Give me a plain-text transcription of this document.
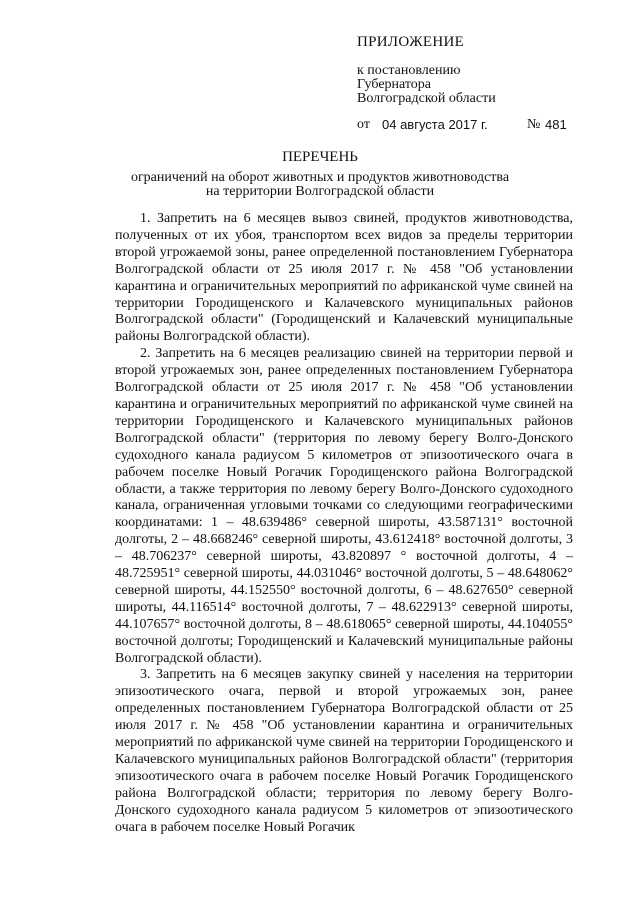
ПРИЛОЖЕНИЕ
к постановлению
Губернатора
Волгоградской области
от 04 августа 2017 г.	№ 481
ПЕРЕЧЕНЬ
ограничений на оборот животных и продуктов животноводства
на территории Волгоградской области

1. Запретить на 6 месяцев вывоз свиней, продуктов животноводства, полученных от их убоя, транспортом всех видов за пределы территории второй угрожаемой зоны, ранее определенной постановлением Губернатора Волгоградской области от 25 июля 2017 г. № 458 "Об установлении карантина и ограничительных мероприятий по африканской чуме свиней на территории Городищенского и Калачевского муниципальных районов Волгоградской области" (Городищенский и Калачевский муниципальные районы Волгоградской области).

2. Запретить на 6 месяцев реализацию свиней на территории первой и второй угрожаемых зон, ранее определенных постановлением Губернатора Волгоградской области от 25 июля 2017 г. № 458 "Об установлении карантина и ограничительных мероприятий по африканской чуме свиней на территории Городищенского и Калачевского муниципальных районов Волгоградской области" (территория по левому берегу Волго-Донского судоходного канала радиусом 5 километров от эпизоотического очага в рабочем поселке Новый Рогачик Городищенского района Волгоградской области, а также территория по левому берегу Волго-Донского судоходного канала, ограниченная угловыми точками со следующими географическими координатами: 1 – 48.639486° северной широты, 43.587131° восточной долготы, 2 – 48.668246° северной широты, 43.612418° восточной долготы, 3 – 48.706237° северной широты, 43.820897 ° восточной долготы, 4 – 48.725951° северной широты, 44.031046° восточной долготы, 5 – 48.648062° северной широты, 44.152550° восточной долготы, 6 – 48.627650° северной широты, 44.116514° восточной долготы, 7 – 48.622913° северной широты, 44.107657° восточной долготы, 8 – 48.618065° северной широты, 44.104055° восточной долготы; Городищенский и Калачевский муниципальные районы Волгоградской области).

3. Запретить на 6 месяцев закупку свиней у населения на территории эпизоотического очага, первой и второй угрожаемых зон, ранее определенных постановлением Губернатора Волгоградской области от 25 июля 2017 г. № 458 "Об установлении карантина и ограничительных мероприятий по африканской чуме свиней на территории Городищенского и Калачевского муниципальных районов Волгоградской области" (территория эпизоотического очага в рабочем поселке Новый Рогачик Городищенского района Волгоградской области; территория по левому берегу Волго-Донского судоходного канала радиусом 5 километров от эпизоотического очага в рабочем поселке Новый Рогачик
